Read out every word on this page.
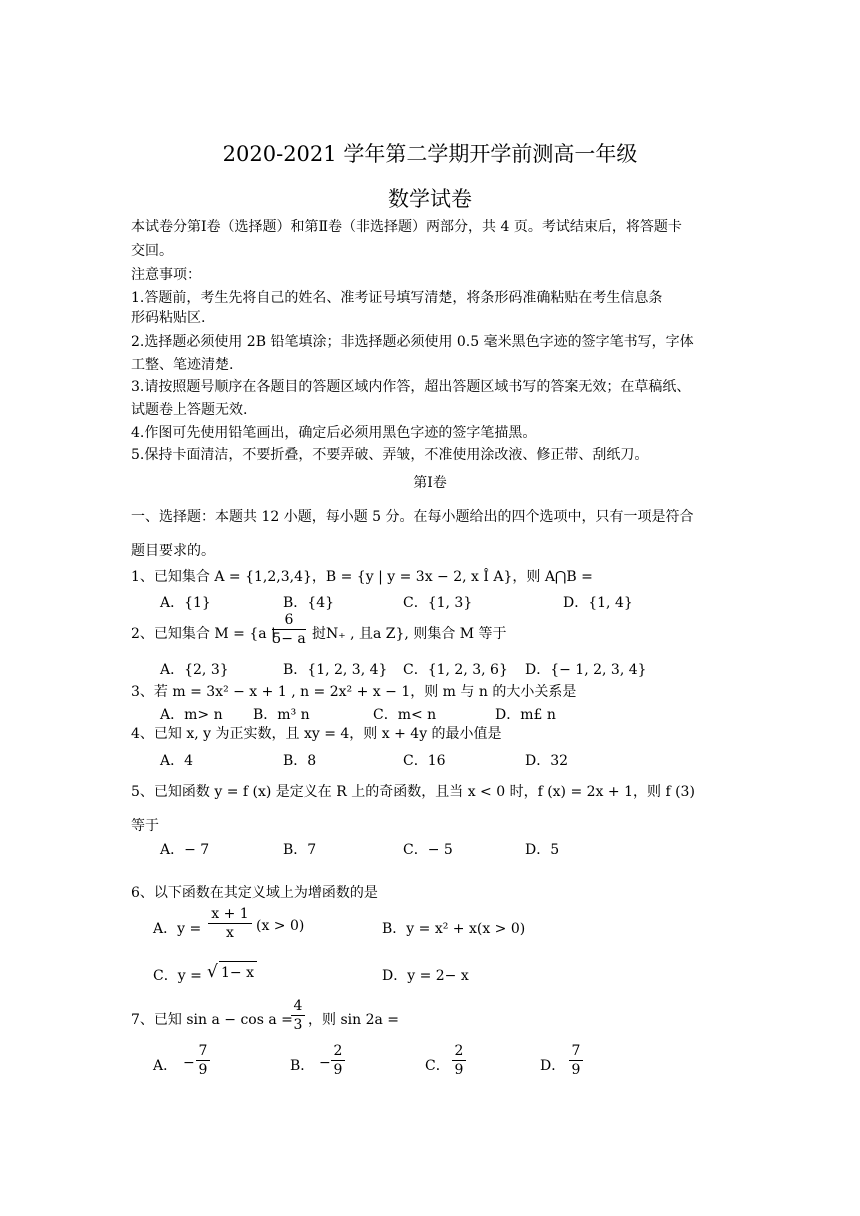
2020-2021 学年第二学期开学前测高一年级
数学试卷
本试卷分第Ⅰ卷（选择题）和第Ⅱ卷（非选择题）两部分，共 4 页。考试结束后，将答题卡
交回。
注意事项：
1.答题前，考生先将自己的姓名、准考证号填写清楚，将条形码准确粘贴在考生信息条
形码粘贴区.
2.选择题必须使用 2B 铅笔填涂；非选择题必须使用 0.5 毫米黑色字迹的签字笔书写，字体
工整、笔迹清楚.
3.请按照题号顺序在各题目的答题区域内作答，超出答题区域书写的答案无效；在草稿纸、
试题卷上答题无效.
4.作图可先使用铅笔画出，确定后必须用黑色字迹的签字笔描黑。
5.保持卡面清洁，不要折叠，不要弄破、弄皱，不准使用涂改液、修正带、刮纸刀。
第Ⅰ卷
一、选择题：本题共 12 小题，每小题 5 分。在每小题给出的四个选项中，只有一项是符合
题目要求的。
1、已知集合 A = {1,2,3,4}，B = {y | y = 3x − 2, x Î A}，则 A⋂B =
A．{1}	B．{4}	C．{1, 3}	D．{1, 4}
2、已知集合 M = {a |
6
5− a 挝N₊ , 且a Z}, 则集合 M 等于
A．{2, 3}	B．{1, 2, 3, 4} C．{1, 2, 3, 6} D．{− 1, 2, 3, 4}
3、若 m = 3x² − x + 1 , n = 2x² + x − 1，则 m 与 n 的大小关系是
A．m> n B．m³ n	C．m< n	D．m£ n
4、已知 x, y 为正实数，且 xy = 4，则 x + 4y 的最小值是
A．4	B．8	C．16	D．32
5、已知函数 y = f (x) 是定义在 R 上的奇函数，且当 x < 0 时，f (x) = 2x + 1，则 f (3)
等于
A．− 7	B．7	C．− 5	D．5
6、以下函数在其定义域上为增函数的是
A．y =
x + 1
x	(x > 0)	B．y = x² + x(x > 0)
C．y = √ 1− x	D．y = 2− x
7、已知 sin a − cos a =
4
3 ，则 sin 2a =
A． −
7
9	B． −
2
9	C．
2
9	D．
7
9
